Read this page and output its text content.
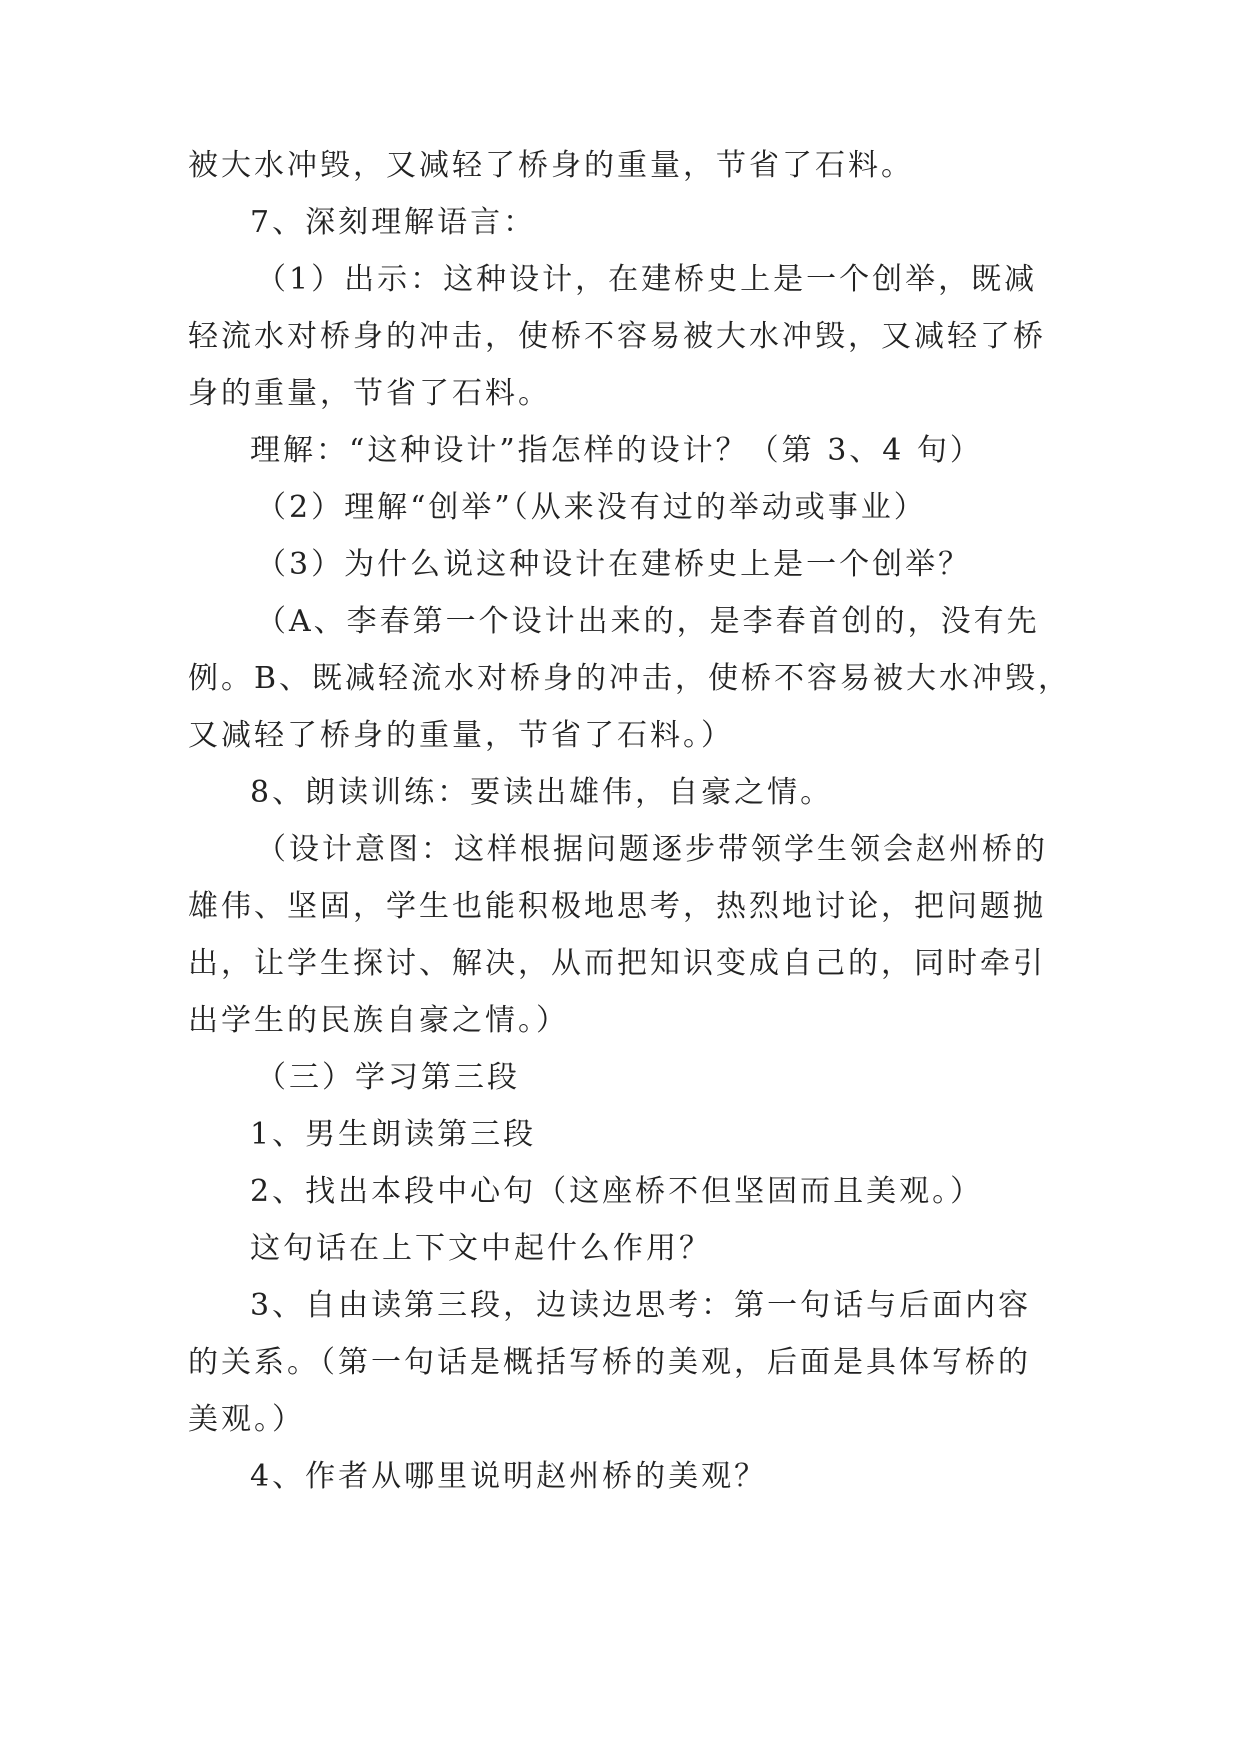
被大水冲毁，又减轻了桥身的重量，节省了石料。
7、深刻理解语言：
（1）出示：这种设计，在建桥史上是一个创举，既减
轻流水对桥身的冲击，使桥不容易被大水冲毁，又减轻了桥
身的重量，节省了石料。
理解：“这种设计”指怎样的设计？（第 3、4 句）
（2）理解“创举”（从来没有过的举动或事业）
（3）为什么说这种设计在建桥史上是一个创举？
（A、李春第一个设计出来的，是李春首创的，没有先
例。B、既减轻流水对桥身的冲击，使桥不容易被大水冲毁，
又减轻了桥身的重量，节省了石料。）
8、朗读训练：要读出雄伟，自豪之情。
（设计意图：这样根据问题逐步带领学生领会赵州桥的
雄伟、坚固，学生也能积极地思考，热烈地讨论，把问题抛
出，让学生探讨、解决，从而把知识变成自己的，同时牵引
出学生的民族自豪之情。）
（三）学习第三段
1、男生朗读第三段
2、找出本段中心句（这座桥不但坚固而且美观。）
这句话在上下文中起什么作用？
3、自由读第三段，边读边思考：第一句话与后面内容
的关系。（第一句话是概括写桥的美观，后面是具体写桥的
美观。）
4、作者从哪里说明赵州桥的美观？
